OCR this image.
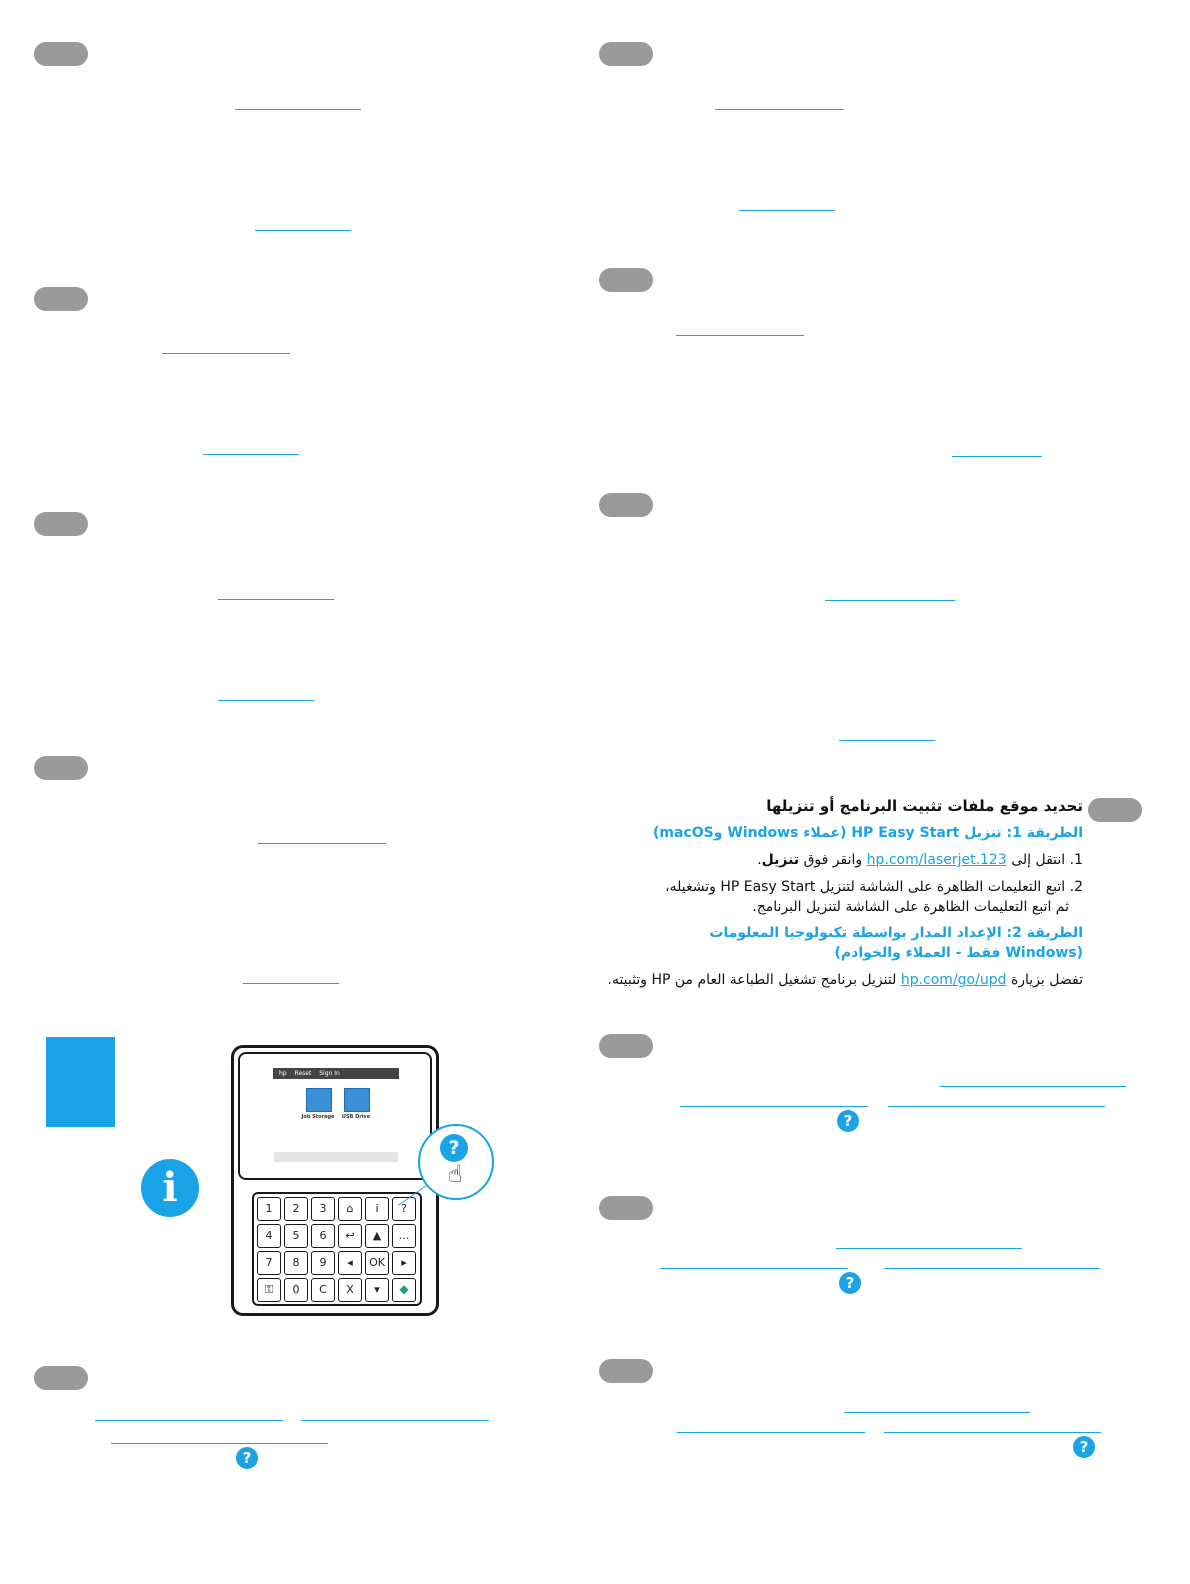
i
hp Reset Sign In
Job Storage	USB Drive
1	2	3	⌂	i	?
4	5	6	↩	▲	…
7	8	9	◂	OK	▸
⚿	0	C	X	▾	◆
?
☝
?
تحديد موقع ملفات تثبيت البرنامج أو تنزيلها
الطريقة 1: تنزيل HP Easy Start (عملاء Windows وmacOS)
1. انتقل إلى 123.hp.com/laserjet وانقر فوق تنزيل.
2. اتبع التعليمات الظاهرة على الشاشة لتنزيل HP Easy Start وتشغيله،
ثم اتبع التعليمات الظاهرة على الشاشة لتنزيل البرنامج.
الطريقة 2: الإعداد المدار بواسطة تكنولوجيا المعلومات
(Windows فقط - العملاء والخوادم)
تفضل بزيارة hp.com/go/upd لتنزيل برنامج تشغيل الطباعة العام من HP وتثبيته.
?
?
?
